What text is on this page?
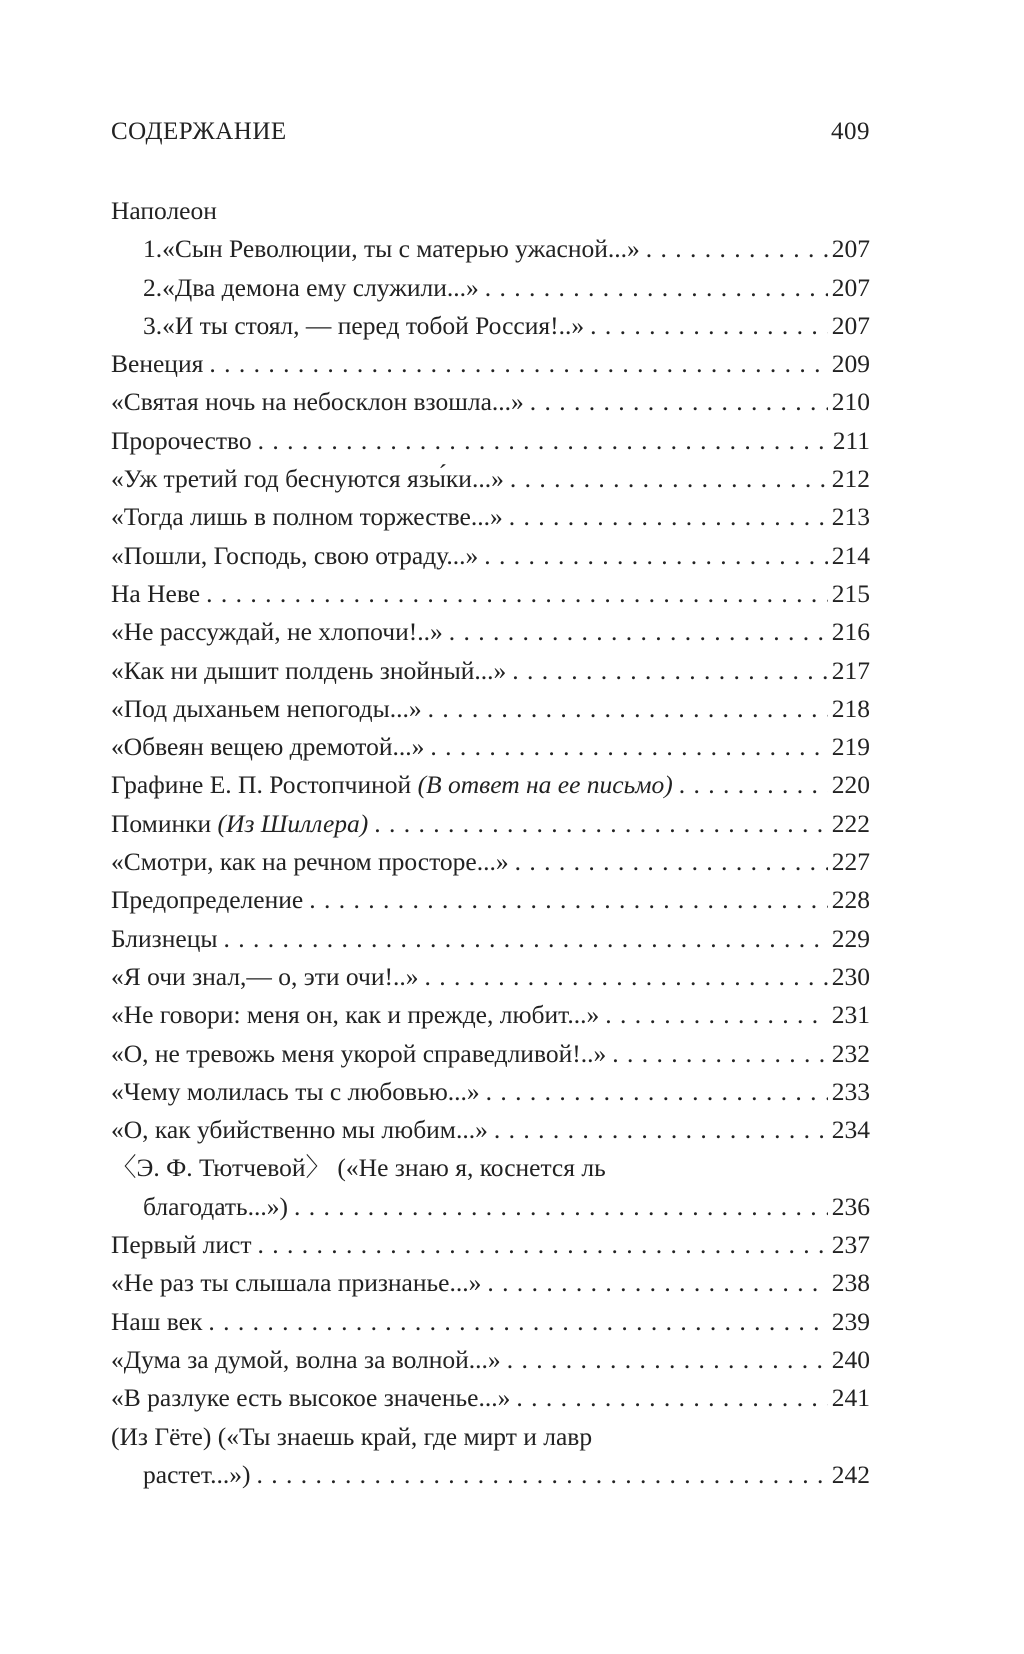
СОДЕРЖАНИЕ	409
Наполеон
1. «Сын Революции, ты с матерью ужасной...» . . .	207
2. «Два демона ему служили...» . . .	207
3. «И ты стоял, — перед тобой Россия!..» . . .	207
Венеция . . .	209
«Святая ночь на небосклон взошла...» . . .	210
Пророчество . . .	211
«Уж третий год беснуются язы́ки...» . . .	212
«Тогда лишь в полном торжестве...» . . .	213
«Пошли, Господь, свою отраду...» . . .	214
На Неве . . .	215
«Не рассуждай, не хлопочи!..» . . .	216
«Как ни дышит полдень знойный...» . . .	217
«Под дыханьем непогоды...» . . .	218
«Обвеян вещею дремотой...» . . .	219
Графине Е. П. Ростопчиной (В ответ на ее письмо) . . .	220
Поминки (Из Шиллера) . . .	222
«Смотри, как на речном просторе...» . . .	227
Предопределение . . .	228
Близнецы . . .	229
«Я очи знал,— о, эти очи!..» . . .	230
«Не говори: меня он, как и прежде, любит...» . . .	231
«О, не тревожь меня укорой справедливой!..» . . .	232
«Чему молилась ты с любовью...» . . .	233
«О, как убийственно мы любим...» . . .	234
〈Э. Ф. Тютчевой〉 («Не знаю я, коснется ль
благодать...») . . .	236
Первый лист . . .	237
«Не раз ты слышала признанье...» . . .	238
Наш век . . .	239
«Дума за думой, волна за волной...» . . .	240
«В разлуке есть высокое значенье...» . . .	241
(Из Гёте) («Ты знаешь край, где мирт и лавр
растет...») . . .	242
